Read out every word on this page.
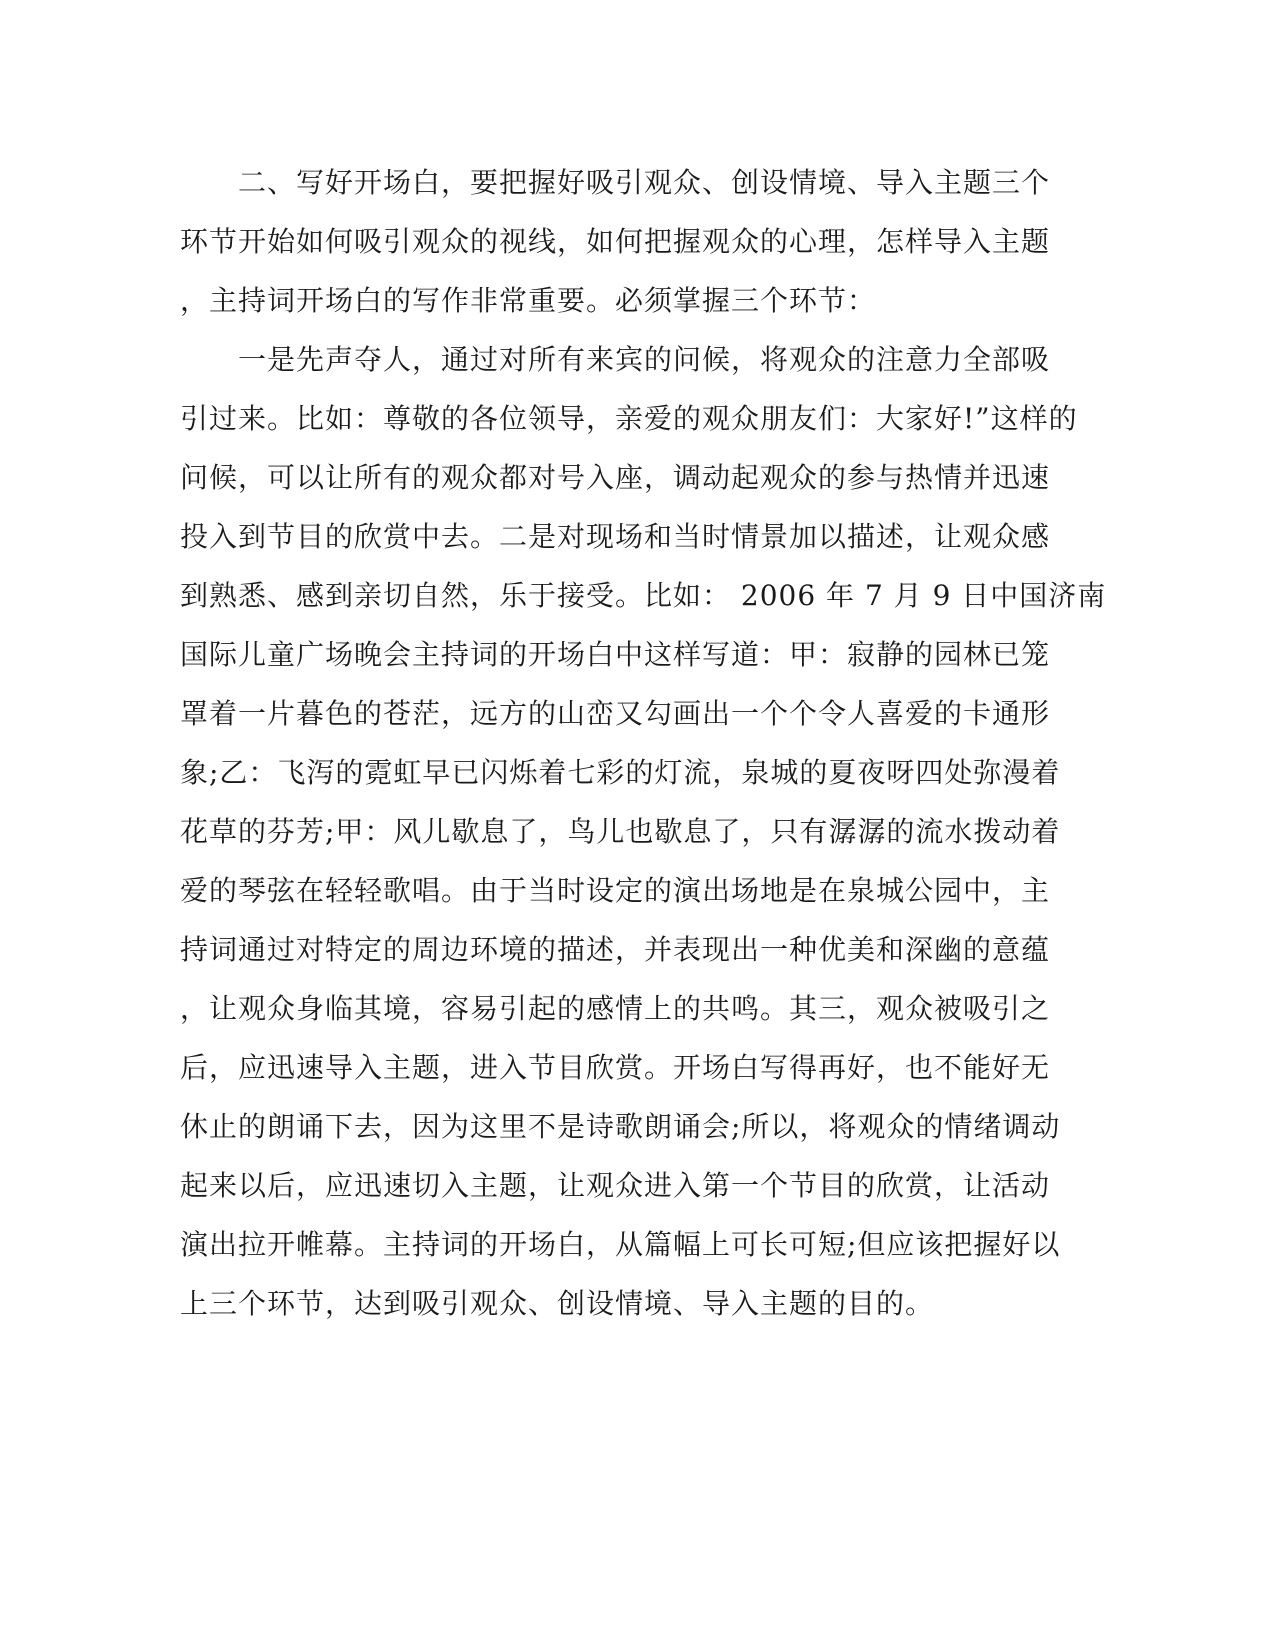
　　二、写好开场白，要把握好吸引观众、创设情境、导入主题三个
环节开始如何吸引观众的视线，如何把握观众的心理，怎样导入主题
，主持词开场白的写作非常重要。必须掌握三个环节：
　　一是先声夺人，通过对所有来宾的问候，将观众的注意力全部吸
引过来。比如：尊敬的各位领导，亲爱的观众朋友们：大家好!”这样的
问候，可以让所有的观众都对号入座，调动起观众的参与热情并迅速
投入到节目的欣赏中去。二是对现场和当时情景加以描述，让观众感
到熟悉、感到亲切自然，乐于接受。比如： 2006 年 7 月 9 日中国济南
国际儿童广场晚会主持词的开场白中这样写道：甲：寂静的园林已笼
罩着一片暮色的苍茫，远方的山峦又勾画出一个个令人喜爱的卡通形
象;乙：飞泻的霓虹早已闪烁着七彩的灯流，泉城的夏夜呀四处弥漫着
花草的芬芳;甲：风儿歇息了，鸟儿也歇息了，只有潺潺的流水拨动着
爱的琴弦在轻轻歌唱。由于当时设定的演出场地是在泉城公园中，主
持词通过对特定的周边环境的描述，并表现出一种优美和深幽的意蕴
，让观众身临其境，容易引起的感情上的共鸣。其三，观众被吸引之
后，应迅速导入主题，进入节目欣赏。开场白写得再好，也不能好无
休止的朗诵下去，因为这里不是诗歌朗诵会;所以，将观众的情绪调动
起来以后，应迅速切入主题，让观众进入第一个节目的欣赏，让活动
演出拉开帷幕。主持词的开场白，从篇幅上可长可短;但应该把握好以
上三个环节，达到吸引观众、创设情境、导入主题的目的。
